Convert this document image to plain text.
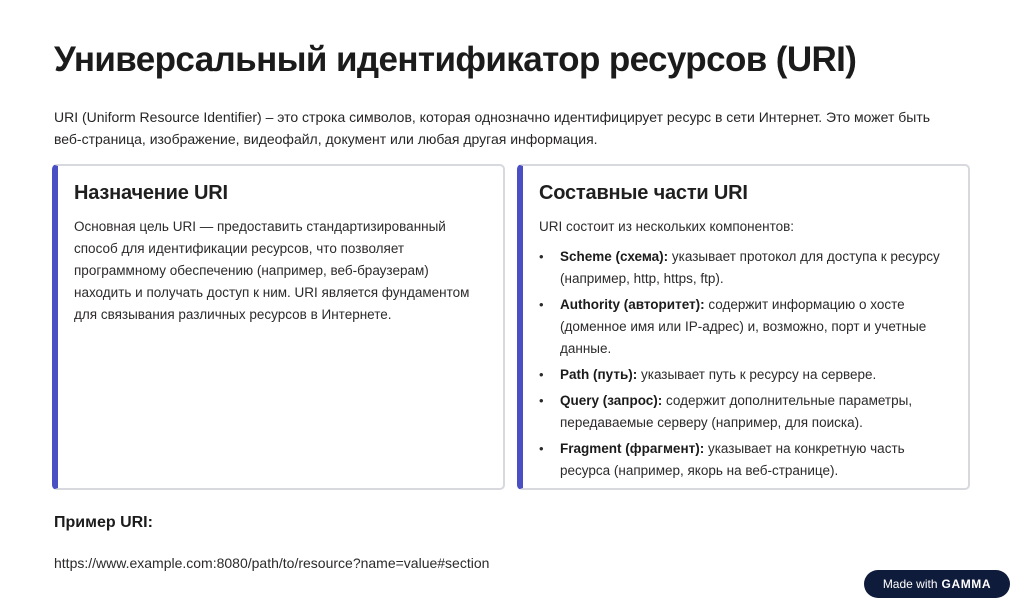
Универсальный идентификатор ресурсов (URI)

URI (Uniform Resource Identifier) – это строка символов, которая однозначно идентифицирует ресурс в сети Интернет. Это может быть веб-страница, изображение, видеофайл, документ или любая другая информация.

Назначение URI

Основная цель URI — предоставить стандартизированный способ для идентификации ресурсов, что позволяет программному обеспечению (например, веб-браузерам) находить и получать доступ к ним. URI является фундаментом для связывания различных ресурсов в Интернете.

Составные части URI

URI состоит из нескольких компонентов:

• Scheme (схема): указывает протокол для доступа к ресурсу (например, http, https, ftp).
• Authority (авторитет): содержит информацию о хосте (доменное имя или IP-адрес) и, возможно, порт и учетные данные.
• Path (путь): указывает путь к ресурсу на сервере.
• Query (запрос): содержит дополнительные параметры, передаваемые серверу (например, для поиска).
• Fragment (фрагмент): указывает на конкретную часть ресурса (например, якорь на веб-странице).
Пример URI:

https://www.example.com:8080/path/to/resource?name=value#section

Made with GAMMA
